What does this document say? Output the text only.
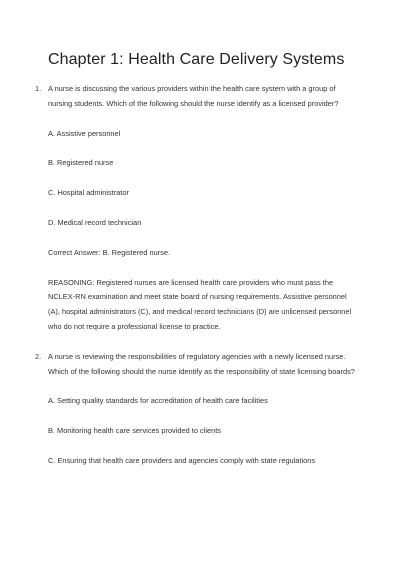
Chapter 1: Health Care Delivery Systems
1. A nurse is discussing the various providers within the health care system with a group of nursing students. Which of the following should the nurse identify as a licensed provider?

A. Assistive personnel

B. Registered nurse

C. Hospital administrator

D. Medical record technician

Correct Answer: B. Registered nurse.

REASONING: Registered nurses are licensed health care providers who must pass the NCLEX-RN examination and meet state board of nursing requirements. Assistive personnel (A), hospital administrators (C), and medical record technicians (D) are unlicensed personnel who do not require a professional license to practice.

2. A nurse is reviewing the responsibilities of regulatory agencies with a newly licensed nurse. Which of the following should the nurse identify as the responsibility of state licensing boards?

A. Setting quality standards for accreditation of health care facilities

B. Monitoring health care services provided to clients

C. Ensuring that health care providers and agencies comply with state regulations
